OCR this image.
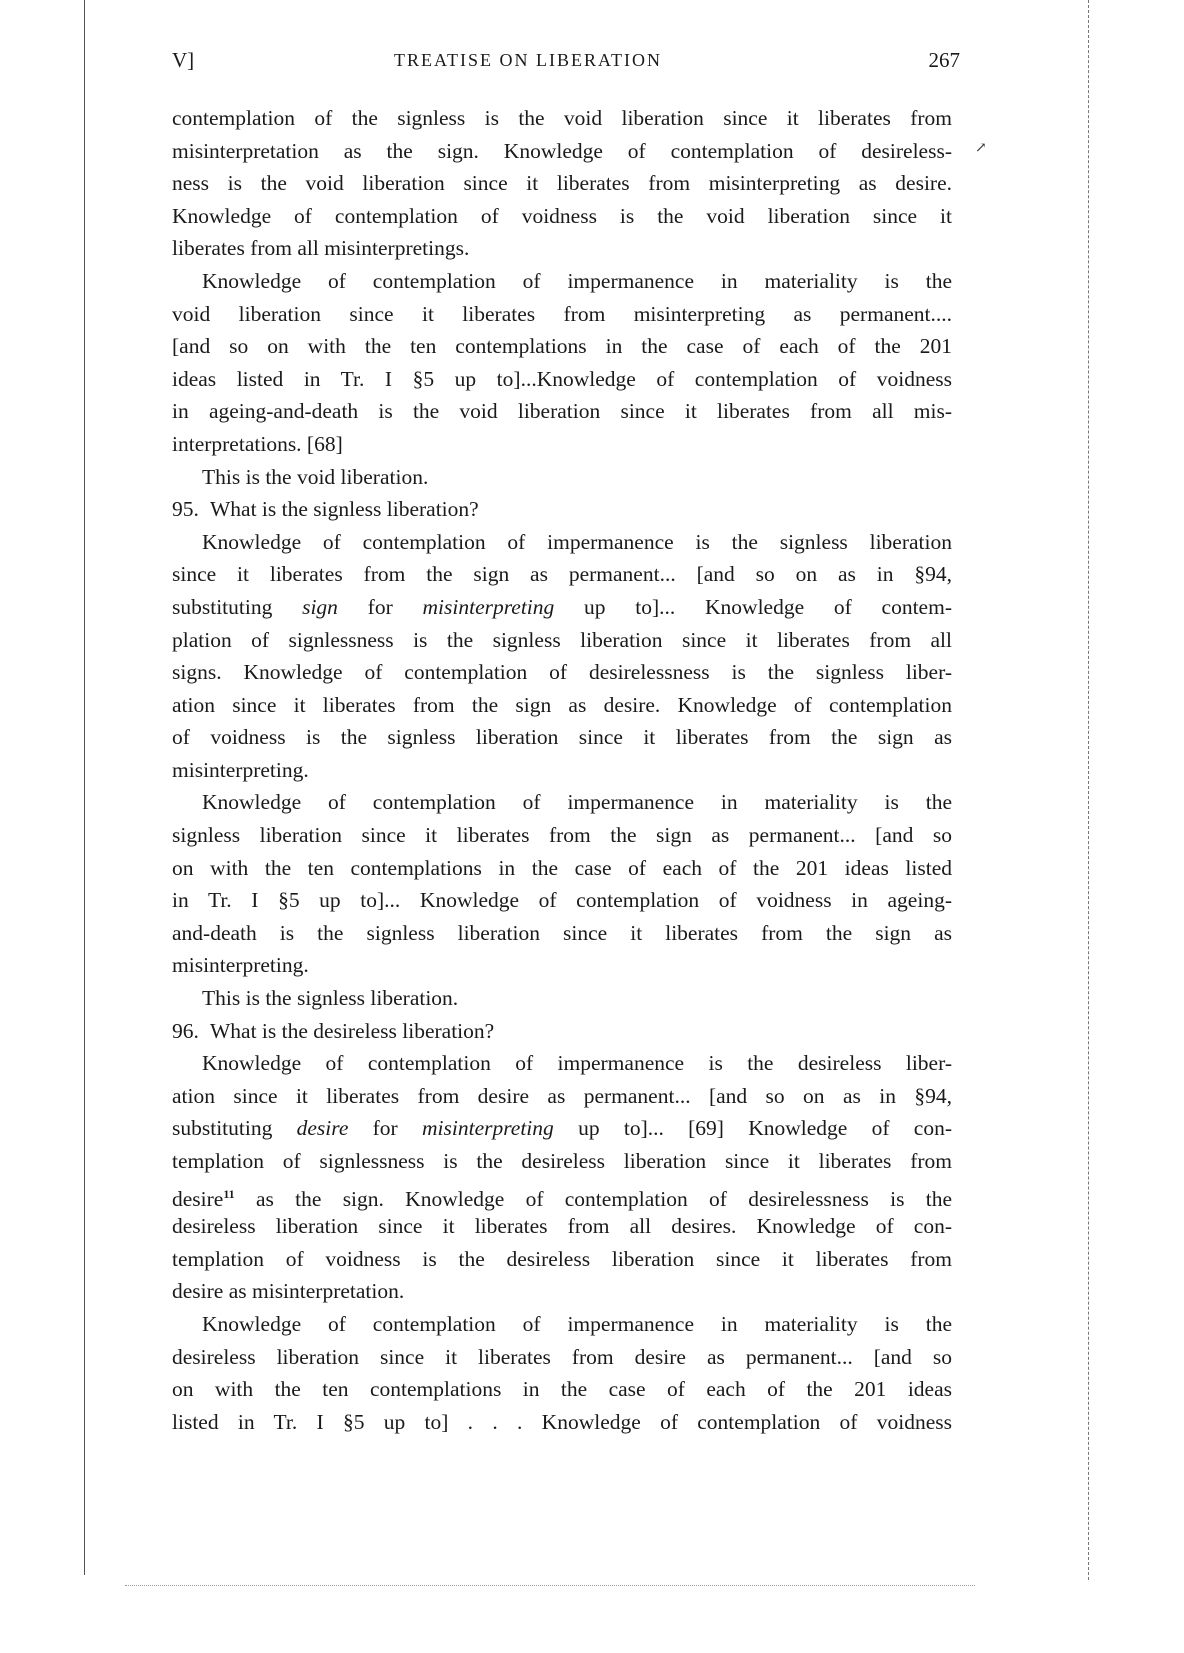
↗
V]	TREATISE ON LIBERATION	267
contemplation of the signless is the void liberation since it liberates from
misinterpretation as the sign. Knowledge of contemplation of desireless-
ness is the void liberation since it liberates from misinterpreting as desire.
Knowledge of contemplation of voidness is the void liberation since it
liberates from all misinterpretings.
Knowledge of contemplation of impermanence in materiality is the
void liberation since it liberates from misinterpreting as permanent....
[and so on with the ten contemplations in the case of each of the 201
ideas listed in Tr. I §5 up to]...Knowledge of contemplation of voidness
in ageing-and-death is the void liberation since it liberates from all mis-
interpretations. [68]
This is the void liberation.
95. What is the signless liberation?
Knowledge of contemplation of impermanence is the signless liberation
since it liberates from the sign as permanent... [and so on as in §94,
substituting sign for misinterpreting up to]... Knowledge of contem-
plation of signlessness is the signless liberation since it liberates from all
signs. Knowledge of contemplation of desirelessness is the signless liber-
ation since it liberates from the sign as desire. Knowledge of contemplation
of voidness is the signless liberation since it liberates from the sign as
misinterpreting.
Knowledge of contemplation of impermanence in materiality is the
signless liberation since it liberates from the sign as permanent... [and so
on with the ten contemplations in the case of each of the 201 ideas listed
in Tr. I §5 up to]... Knowledge of contemplation of voidness in ageing-
and-death is the signless liberation since it liberates from the sign as
misinterpreting.
This is the signless liberation.
96. What is the desireless liberation?
Knowledge of contemplation of impermanence is the desireless liber-
ation since it liberates from desire as permanent... [and so on as in §94,
substituting desire for misinterpreting up to]... [69] Knowledge of con-
templation of signlessness is the desireless liberation since it liberates from
desire$^{11}$ as the sign. Knowledge of contemplation of desirelessness is the
desireless liberation since it liberates from all desires. Knowledge of con-
templation of voidness is the desireless liberation since it liberates from
desire as misinterpretation.
Knowledge of contemplation of impermanence in materiality is the
desireless liberation since it liberates from desire as permanent... [and so
on with the ten contemplations in the case of each of the 201 ideas
listed in Tr. I §5 up to] . . . Knowledge of contemplation of voidness
